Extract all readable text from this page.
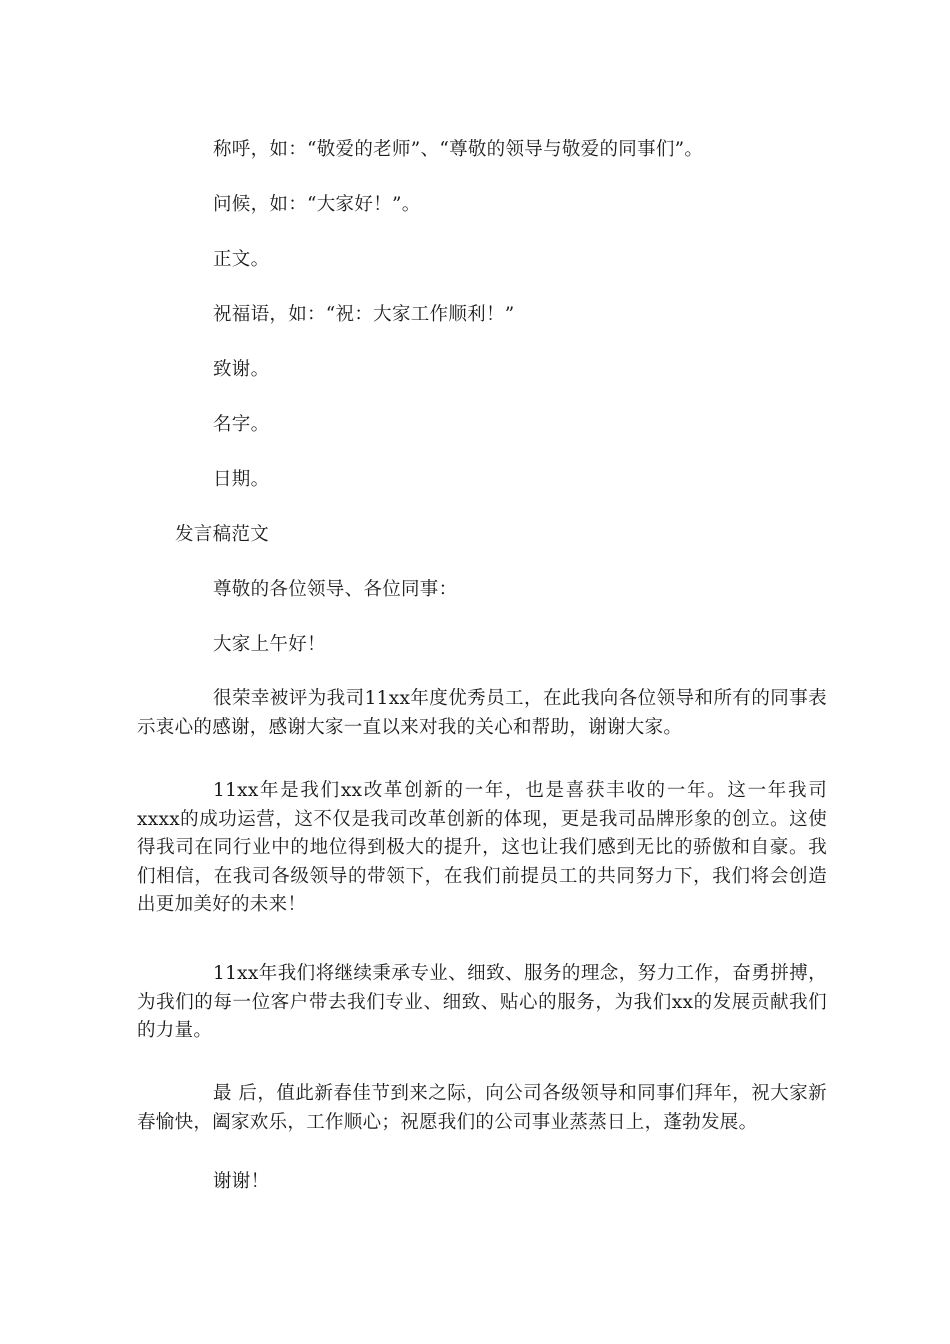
称呼，如：“敬爱的老师”、“尊敬的领导与敬爱的同事们”。
问候，如：“大家好！”。
正文。
祝福语，如：“祝：大家工作顺利！”
致谢。
名字。
日期。
发言稿范文
尊敬的各位领导、各位同事：
大家上午好！

很荣幸被评为我司11xx年度优秀员工，在此我向各位领导和所有的同事表示衷心的感谢，感谢大家一直以来对我的关心和帮助，谢谢大家。

11xx年是我们xx改革创新的一年，也是喜获丰收的一年。这一年我司xxxx的成功运营，这不仅是我司改革创新的体现，更是我司品牌形象的创立。这使得我司在同行业中的地位得到极大的提升，这也让我们感到无比的骄傲和自豪。我们相信，在我司各级领导的带领下，在我们前提员工的共同努力下，我们将会创造出更加美好的未来！

11xx年我们将继续秉承专业、细致、服务的理念，努力工作，奋勇拼搏，为我们的每一位客户带去我们专业、细致、贴心的服务，为我们xx的发展贡献我们的力量。

最 后，值此新春佳节到来之际，向公司各级领导和同事们拜年，祝大家新春愉快，阖家欢乐，工作顺心；祝愿我们的公司事业蒸蒸日上，蓬勃发展。

谢谢！
